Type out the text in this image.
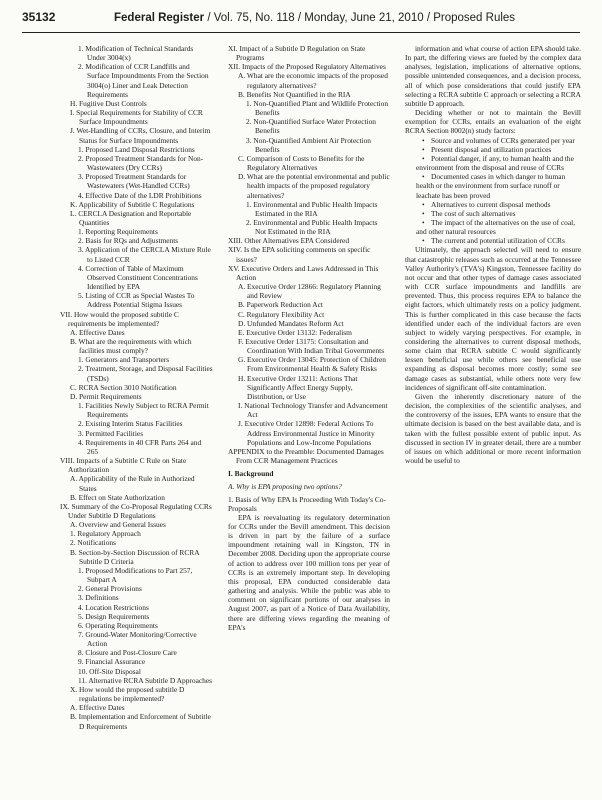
35132	Federal Register / Vol. 75, No. 118 / Monday, June 21, 2010 / Proposed Rules
1. Modification of Technical Standards Under 3004(x)
2. Modification of CCR Landfills and Surface Impoundments From the Section 3004(o) Liner and Leak Detection Requirements
H. Fugitive Dust Controls
I. Special Requirements for Stability of CCR Surface Impoundments
J. Wet-Handling of CCRs, Closure, and Interim Status for Surface Impoundments
1. Proposed Land Disposal Restrictions
2. Proposed Treatment Standards for Non-Wastewaters (Dry CCRs)
3. Proposed Treatment Standards for Wastewaters (Wet-Handled CCRs)
4. Effective Date of the LDR Prohibitions
K. Applicability of Subtitle C Regulations
L. CERCLA Designation and Reportable Quantities
1. Reporting Requirements
2. Basis for RQs and Adjustments
3. Application of the CERCLA Mixture Rule to Listed CCR
4. Correction of Table of Maximum Observed Constituent Concentrations Identified by EPA
5. Listing of CCR as Special Wastes To Address Potential Stigma Issues
VII. How would the proposed subtitle C requirements be implemented?
A. Effective Dates
B. What are the requirements with which facilities must comply?
1. Generators and Transporters
2. Treatment, Storage, and Disposal Facilities (TSDs)
C. RCRA Section 3010 Notification
D. Permit Requirements
1. Facilities Newly Subject to RCRA Permit Requirements
2. Existing Interim Status Facilities
3. Permitted Facilities
4. Requirements in 40 CFR Parts 264 and 265
VIII. Impacts of a Subtitle C Rule on State Authorization
A. Applicability of the Rule in Authorized States
B. Effect on State Authorization
IX. Summary of the Co-Proposal Regulating CCRs Under Subtitle D Regulations
A. Overview and General Issues
1. Regulatory Approach
2. Notifications
B. Section-by-Section Discussion of RCRA Subtitle D Criteria
1. Proposed Modifications to Part 257, Subpart A
2. General Provisions
3. Definitions
4. Location Restrictions
5. Design Requirements
6. Operating Requirements
7. Ground-Water Monitoring/Corrective Action
8. Closure and Post-Closure Care
9. Financial Assurance
10. Off-Site Disposal
11. Alternative RCRA Subtitle D Approaches
X. How would the proposed subtitle D regulations be implemented?
A. Effective Dates
B. Implementation and Enforcement of Subtitle D Requirements
XI. Impact of a Subtitle D Regulation on State Programs
XII. Impacts of the Proposed Regulatory Alternatives
A. What are the economic impacts of the proposed regulatory alternatives?
B. Benefits Not Quantified in the RIA
1. Non-Quantified Plant and Wildlife Protection Benefits
2. Non-Quantified Surface Water Protection Benefits
3. Non-Quantified Ambient Air Protection Benefits
C. Comparison of Costs to Benefits for the Regulatory Alternatives
D. What are the potential environmental and public health impacts of the proposed regulatory alternatives?
1. Environmental and Public Health Impacts Estimated in the RIA
2. Environmental and Public Health Impacts Not Estimated in the RIA
XIII. Other Alternatives EPA Considered
XIV. Is the EPA soliciting comments on specific issues?
XV. Executive Orders and Laws Addressed in This Action
A. Executive Order 12866: Regulatory Planning and Review
B. Paperwork Reduction Act
C. Regulatory Flexibility Act
D. Unfunded Mandates Reform Act
E. Executive Order 13132: Federalism
F. Executive Order 13175: Consultation and Coordination With Indian Tribal Governments
G. Executive Order 13045: Protection of Children From Environmental Health & Safety Risks
H. Executive Order 13211: Actions That Significantly Affect Energy Supply, Distribution, or Use
I. National Technology Transfer and Advancement Act
J. Executive Order 12898: Federal Actions To Address Environmental Justice in Minority Populations and Low-Income Populations
APPENDIX to the Preamble: Documented Damages From CCR Management Practices
I. Background
A. Why is EPA proposing two options?
1. Basis of Why EPA Is Proceeding With Today's Co-Proposals

EPA is reevaluating its regulatory determination for CCRs under the Bevill amendment. This decision is driven in part by the failure of a surface impoundment retaining wall in Kingston, TN in December 2008. Deciding upon the appropriate course of action to address over 100 million tons per year of CCRs is an extremely important step. In developing this proposal, EPA conducted considerable data gathering and analysis. While the public was able to comment on significant portions of our analyses in August 2007, as part of a Notice of Data Availability, there are differing views regarding the meaning of EPA's

information and what course of action EPA should take. In part, the differing views are fueled by the complex data analyses, legislation, implications of alternative options, possible unintended consequences, and a decision process, all of which pose considerations that could justify EPA selecting a RCRA subtitle C approach or selecting a RCRA subtitle D approach.

Deciding whether or not to maintain the Bevill exemption for CCRs, entails an evaluation of the eight RCRA Section 8002(n) study factors:

• Source and volumes of CCRs generated per year
• Present disposal and utilization practices
• Potential danger, if any, to human health and the environment from the disposal and reuse of CCRs
• Documented cases in which danger to human health or the environment from surface runoff or leachate has been proved
• Alternatives to current disposal methods
• The cost of such alternatives
• The impact of the alternatives on the use of coal, and other natural resources
• The current and potential utilization of CCRs

Ultimately, the approach selected will need to ensure that catastrophic releases such as occurred at the Tennessee Valley Authority's (TVA's) Kingston, Tennessee facility do not occur and that other types of damage cases associated with CCR surface impoundments and landfills are prevented. Thus, this process requires EPA to balance the eight factors, which ultimately rests on a policy judgment. This is further complicated in this case because the facts identified under each of the individual factors are even subject to widely varying perspectives. For example, in considering the alternatives to current disposal methods, some claim that RCRA subtitle C would significantly lessen beneficial use while others see beneficial use expanding as disposal becomes more costly; some see damage cases as substantial, while others note very few incidences of significant off-site contamination.

Given the inherently discretionary nature of the decision, the complexities of the scientific analyses, and the controversy of the issues, EPA wants to ensure that the ultimate decision is based on the best available data, and is taken with the fullest possible extent of public input. As discussed in section IV in greater detail, there are a number of issues on which additional or more recent information would be useful to
